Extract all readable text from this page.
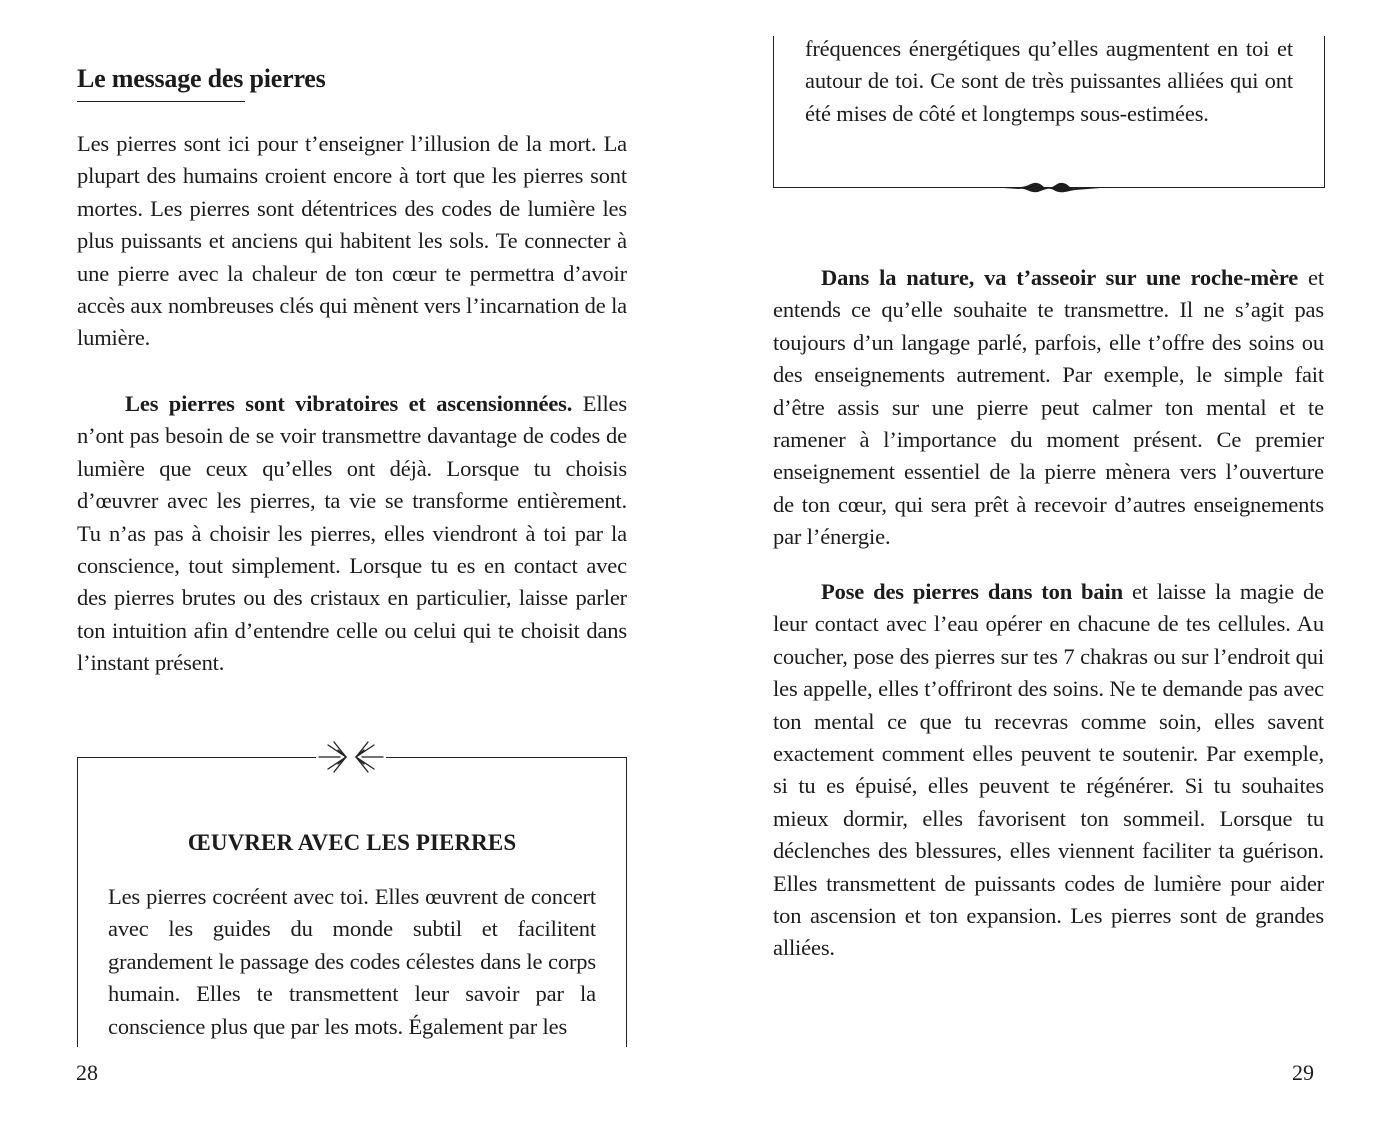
Le message des pierres

Les pierres sont ici pour t’enseigner l’illusion de la mort. La plupart des humains croient encore à tort que les pierres sont mortes. Les pierres sont détentrices des codes de lumière les plus puissants et anciens qui habitent les sols. Te connecter à une pierre avec la chaleur de ton cœur te permettra d’avoir accès aux nombreuses clés qui mènent vers l’incarnation de la lumière.

Les pierres sont vibratoires et ascensionnées. Elles n’ont pas besoin de se voir transmettre davantage de codes de lumière que ceux qu’elles ont déjà. Lorsque tu choisis d’œuvrer avec les pierres, ta vie se transforme entièrement. Tu n’as pas à choisir les pierres, elles viendront à toi par la conscience, tout simplement. Lorsque tu es en contact avec des pierres brutes ou des cristaux en particulier, laisse parler ton intuition afin d’entendre celle ou celui qui te choisit dans l’instant présent.

ŒUVRER AVEC LES PIERRES

Les pierres cocréent avec toi. Elles œuvrent de concert avec les guides du monde subtil et facilitent grandement le passage des codes célestes dans le corps humain. Elles te transmettent leur savoir par la conscience plus que par les mots. Également par les

28

fréquences énergétiques qu’elles augmentent en toi et autour de toi. Ce sont de très puissantes alliées qui ont été mises de côté et longtemps sous-estimées.

Dans la nature, va t’asseoir sur une roche-mère et entends ce qu’elle souhaite te transmettre. Il ne s’agit pas toujours d’un langage parlé, parfois, elle t’offre des soins ou des enseignements autrement. Par exemple, le simple fait d’être assis sur une pierre peut calmer ton mental et te ramener à l’importance du moment présent. Ce premier enseignement essentiel de la pierre mènera vers l’ouverture de ton cœur, qui sera prêt à recevoir d’autres enseignements par l’énergie.

Pose des pierres dans ton bain et laisse la magie de leur contact avec l’eau opérer en chacune de tes cellules. Au coucher, pose des pierres sur tes 7 chakras ou sur l’endroit qui les appelle, elles t’offriront des soins. Ne te demande pas avec ton mental ce que tu recevras comme soin, elles savent exactement comment elles peuvent te soutenir. Par exemple, si tu es épuisé, elles peuvent te régénérer. Si tu souhaites mieux dormir, elles favorisent ton sommeil. Lorsque tu déclenches des blessures, elles viennent faciliter ta guérison. Elles transmettent de puissants codes de lumière pour aider ton ascension et ton expansion. Les pierres sont de grandes alliées.

29
